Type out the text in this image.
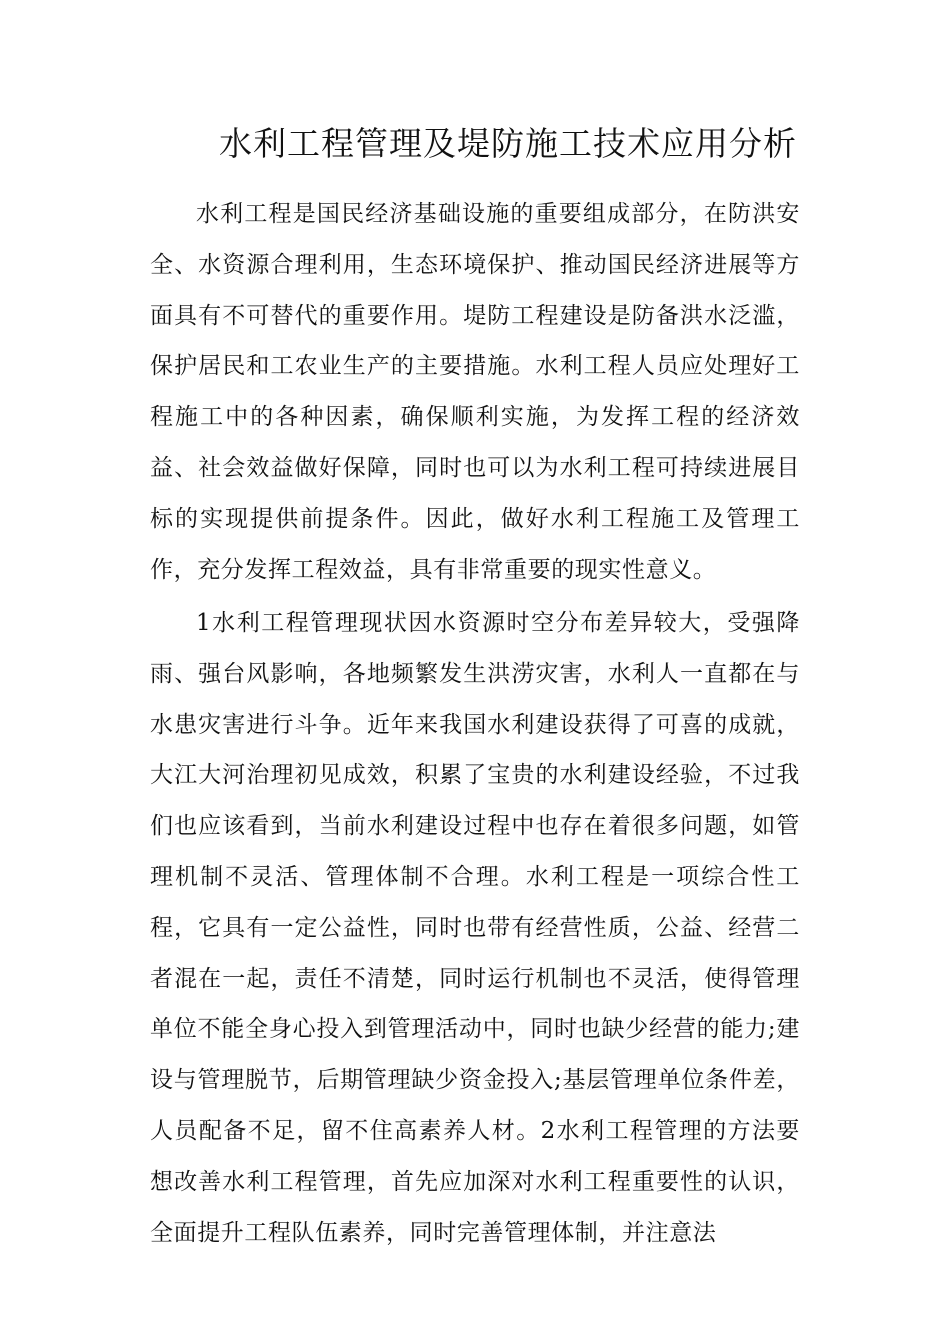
水利工程管理及堤防施工技术应用分析

水利工程是国民经济基础设施的重要组成部分，在防洪安全、水资源合理利用，生态环境保护、推动国民经济进展等方面具有不可替代的重要作用。堤防工程建设是防备洪水泛滥，保护居民和工农业生产的主要措施。水利工程人员应处理好工程施工中的各种因素，确保顺利实施，为发挥工程的经济效益、社会效益做好保障，同时也可以为水利工程可持续进展目标的实现提供前提条件。因此，做好水利工程施工及管理工作，充分发挥工程效益，具有非常重要的现实性意义。

1水利工程管理现状因水资源时空分布差异较大，受强降雨、强台风影响，各地频繁发生洪涝灾害，水利人一直都在与水患灾害进行斗争。近年来我国水利建设获得了可喜的成就，大江大河治理初见成效，积累了宝贵的水利建设经验，不过我们也应该看到，当前水利建设过程中也存在着很多问题，如管理机制不灵活、管理体制不合理。水利工程是一项综合性工程，它具有一定公益性，同时也带有经营性质，公益、经营二者混在一起，责任不清楚，同时运行机制也不灵活，使得管理单位不能全身心投入到管理活动中，同时也缺少经营的能力;建设与管理脱节，后期管理缺少资金投入;基层管理单位条件差，人员配备不足，留不住高素养人材。2水利工程管理的方法要想改善水利工程管理，首先应加深对水利工程重要性的认识，全面提升工程队伍素养，同时完善管理体制，并注意法
